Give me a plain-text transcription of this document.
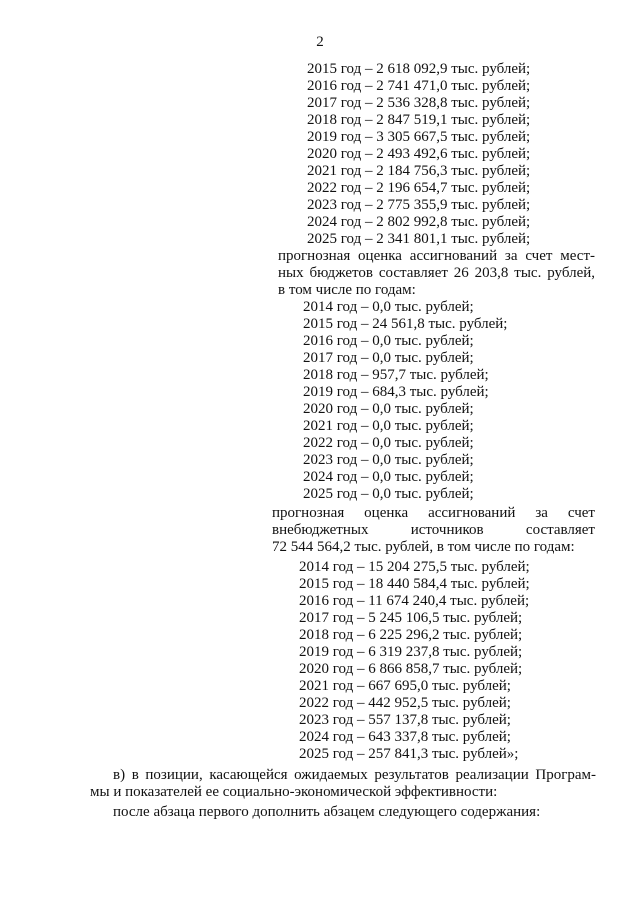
2
2015 год – 2 618 092,9 тыс. рублей;
2016 год – 2 741 471,0 тыс. рублей;
2017 год – 2 536 328,8 тыс. рублей;
2018 год – 2 847 519,1 тыс. рублей;
2019 год – 3 305 667,5 тыс. рублей;
2020 год – 2 493 492,6 тыс. рублей;
2021 год – 2 184 756,3 тыс. рублей;
2022 год – 2 196 654,7 тыс. рублей;
2023 год – 2 775 355,9 тыс. рублей;
2024 год – 2 802 992,8 тыс. рублей;
2025 год – 2 341 801,1 тыс. рублей;
прогнозная оценка ассигнований за счет мест-
ных бюджетов составляет 26 203,8 тыс. рублей,
в том числе по годам:
2014 год – 0,0 тыс. рублей;
2015 год – 24 561,8 тыс. рублей;
2016 год – 0,0 тыс. рублей;
2017 год – 0,0 тыс. рублей;
2018 год – 957,7 тыс. рублей;
2019 год – 684,3 тыс. рублей;
2020 год – 0,0 тыс. рублей;
2021 год – 0,0 тыс. рублей;
2022 год – 0,0 тыс. рублей;
2023 год – 0,0 тыс. рублей;
2024 год – 0,0 тыс. рублей;
2025 год – 0,0 тыс. рублей;
прогнозная оценка ассигнований за счет
внебюджетных	источников	составляет
72 544 564,2 тыс. рублей, в том числе по годам:
2014 год – 15 204 275,5 тыс. рублей;
2015 год – 18 440 584,4 тыс. рублей;
2016 год – 11 674 240,4 тыс. рублей;
2017 год – 5 245 106,5 тыс. рублей;
2018 год – 6 225 296,2 тыс. рублей;
2019 год – 6 319 237,8 тыс. рублей;
2020 год – 6 866 858,7 тыс. рублей;
2021 год – 667 695,0 тыс. рублей;
2022 год – 442 952,5 тыс. рублей;
2023 год – 557 137,8 тыс. рублей;
2024 год – 643 337,8 тыс. рублей;
2025 год – 257 841,3 тыс. рублей»;
в) в позиции, касающейся ожидаемых результатов реализации Програм-
мы и показателей ее социально-экономической эффективности:
после абзаца первого дополнить абзацем следующего содержания:
